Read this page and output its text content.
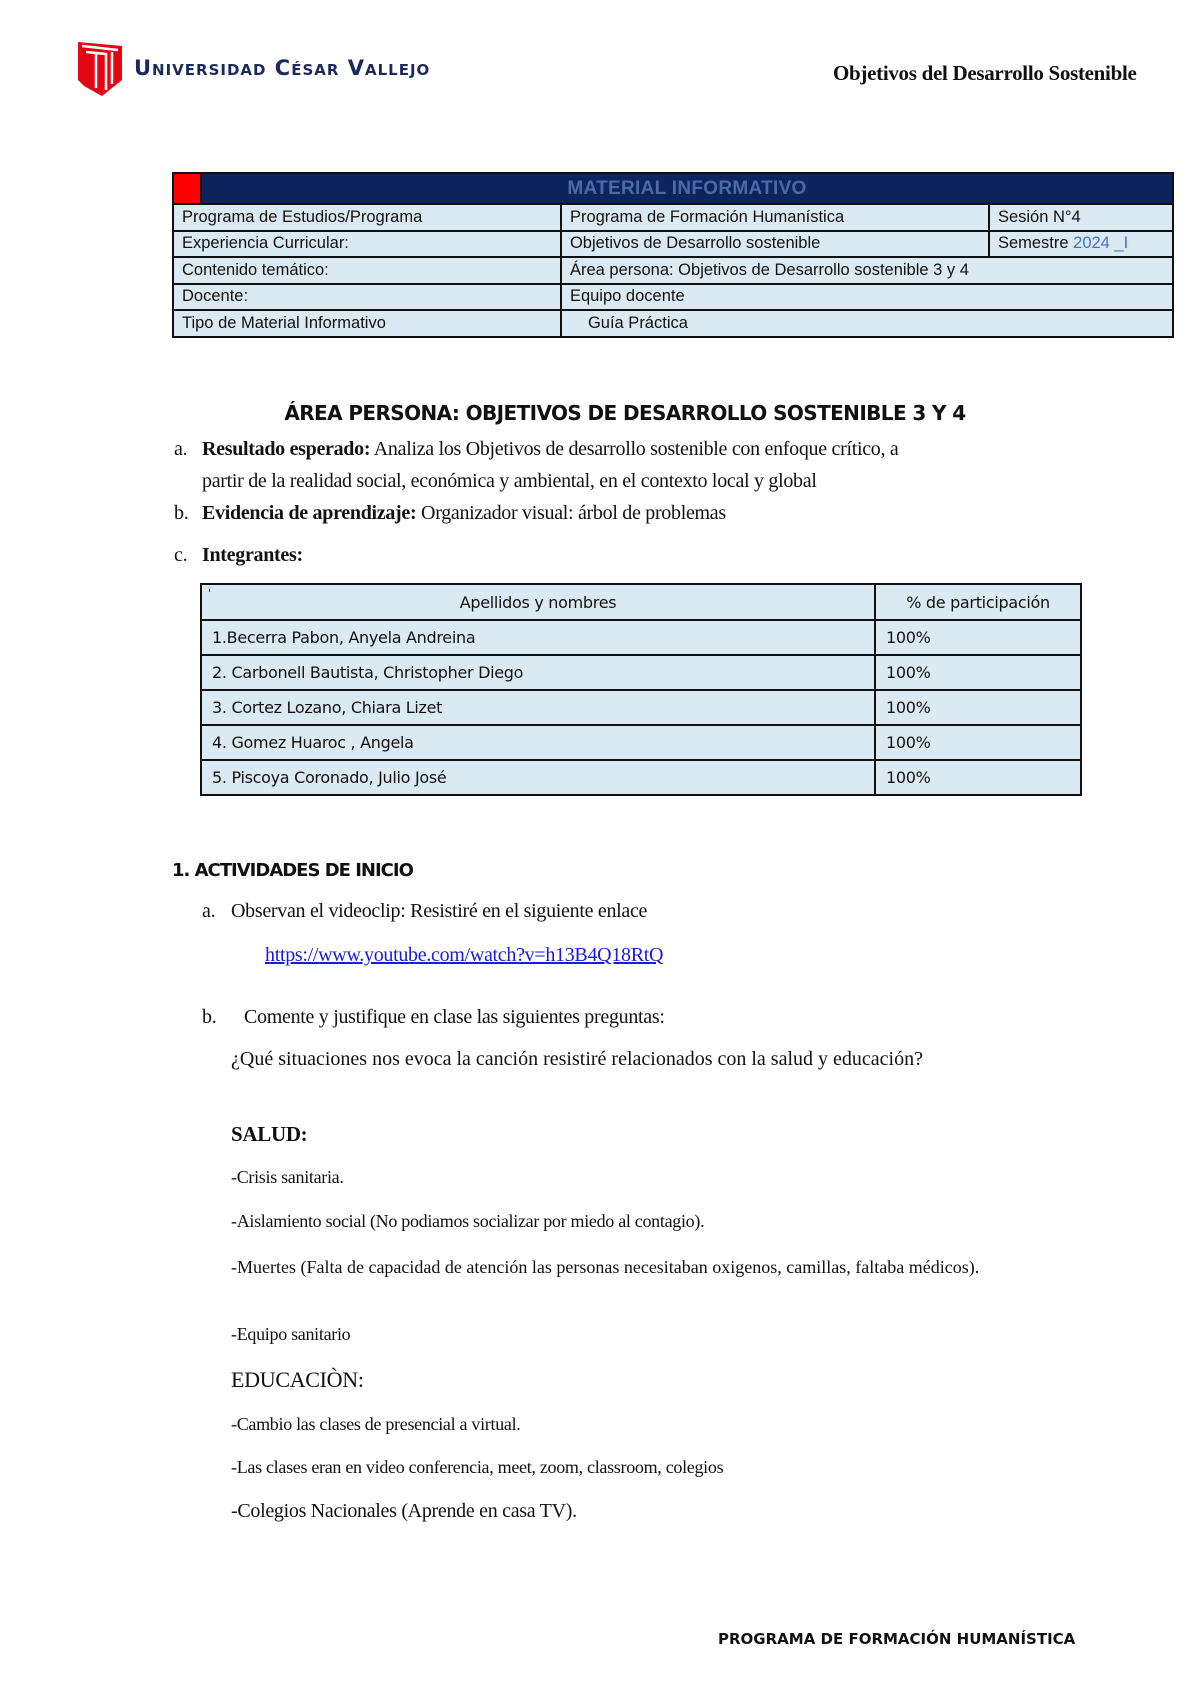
Universidad César Vallejo	Objetivos del Desarrollo Sostenible
	MATERIAL INFORMATIVO		
Programa de Estudios/Programa		Programa de Formación Humanística	Sesión N°4
Experiencia Curricular:		Objetivos de Desarrollo sostenible	Semestre 2024 _I
Contenido temático:		Área persona: Objetivos de Desarrollo sostenible 3 y 4	
Docente:		Equipo docente	
Tipo de Material Informativo		Guía Práctica	
ÁREA PERSONA: OBJETIVOS DE DESARROLLO SOSTENIBLE 3 Y 4
a. Resultado esperado: Analiza los Objetivos de desarrollo sostenible con enfoque crítico, a
partir de la realidad social, económica y ambiental, en el contexto local y global
b. Evidencia de aprendizaje: Organizador visual: árbol de problemas
c. Integrantes:
' Apellidos y nombres	% de participación
1.Becerra Pabon, Anyela Andreina	100%
2. Carbonell Bautista, Christopher Diego	100%
3. Cortez Lozano, Chiara Lizet	100%
4. Gomez Huaroc , Angela	100%
5. Piscoya Coronado, Julio José	100%
1. ACTIVIDADES DE INICIO
a. Observan el videoclip: Resistiré en el siguiente enlace
https://www.youtube.com/watch?v=h13B4Q18RtQ
b. Comente y justifique en clase las siguientes preguntas:
¿Qué situaciones nos evoca la canción resistiré relacionados con la salud y educación?
SALUD:
-Crisis sanitaria.
-Aislamiento social (No podiamos socializar por miedo al contagio).
-Muertes (Falta de capacidad de atención las personas necesitaban oxigenos, camillas, faltaba médicos).
-Equipo sanitario
EDUCACIÒN:
-Cambio las clases de presencial a virtual.
-Las clases eran en video conferencia, meet, zoom, classroom, colegios
-Colegios Nacionales (Aprende en casa TV).
PROGRAMA DE FORMACIÓN HUMANÍSTICA
